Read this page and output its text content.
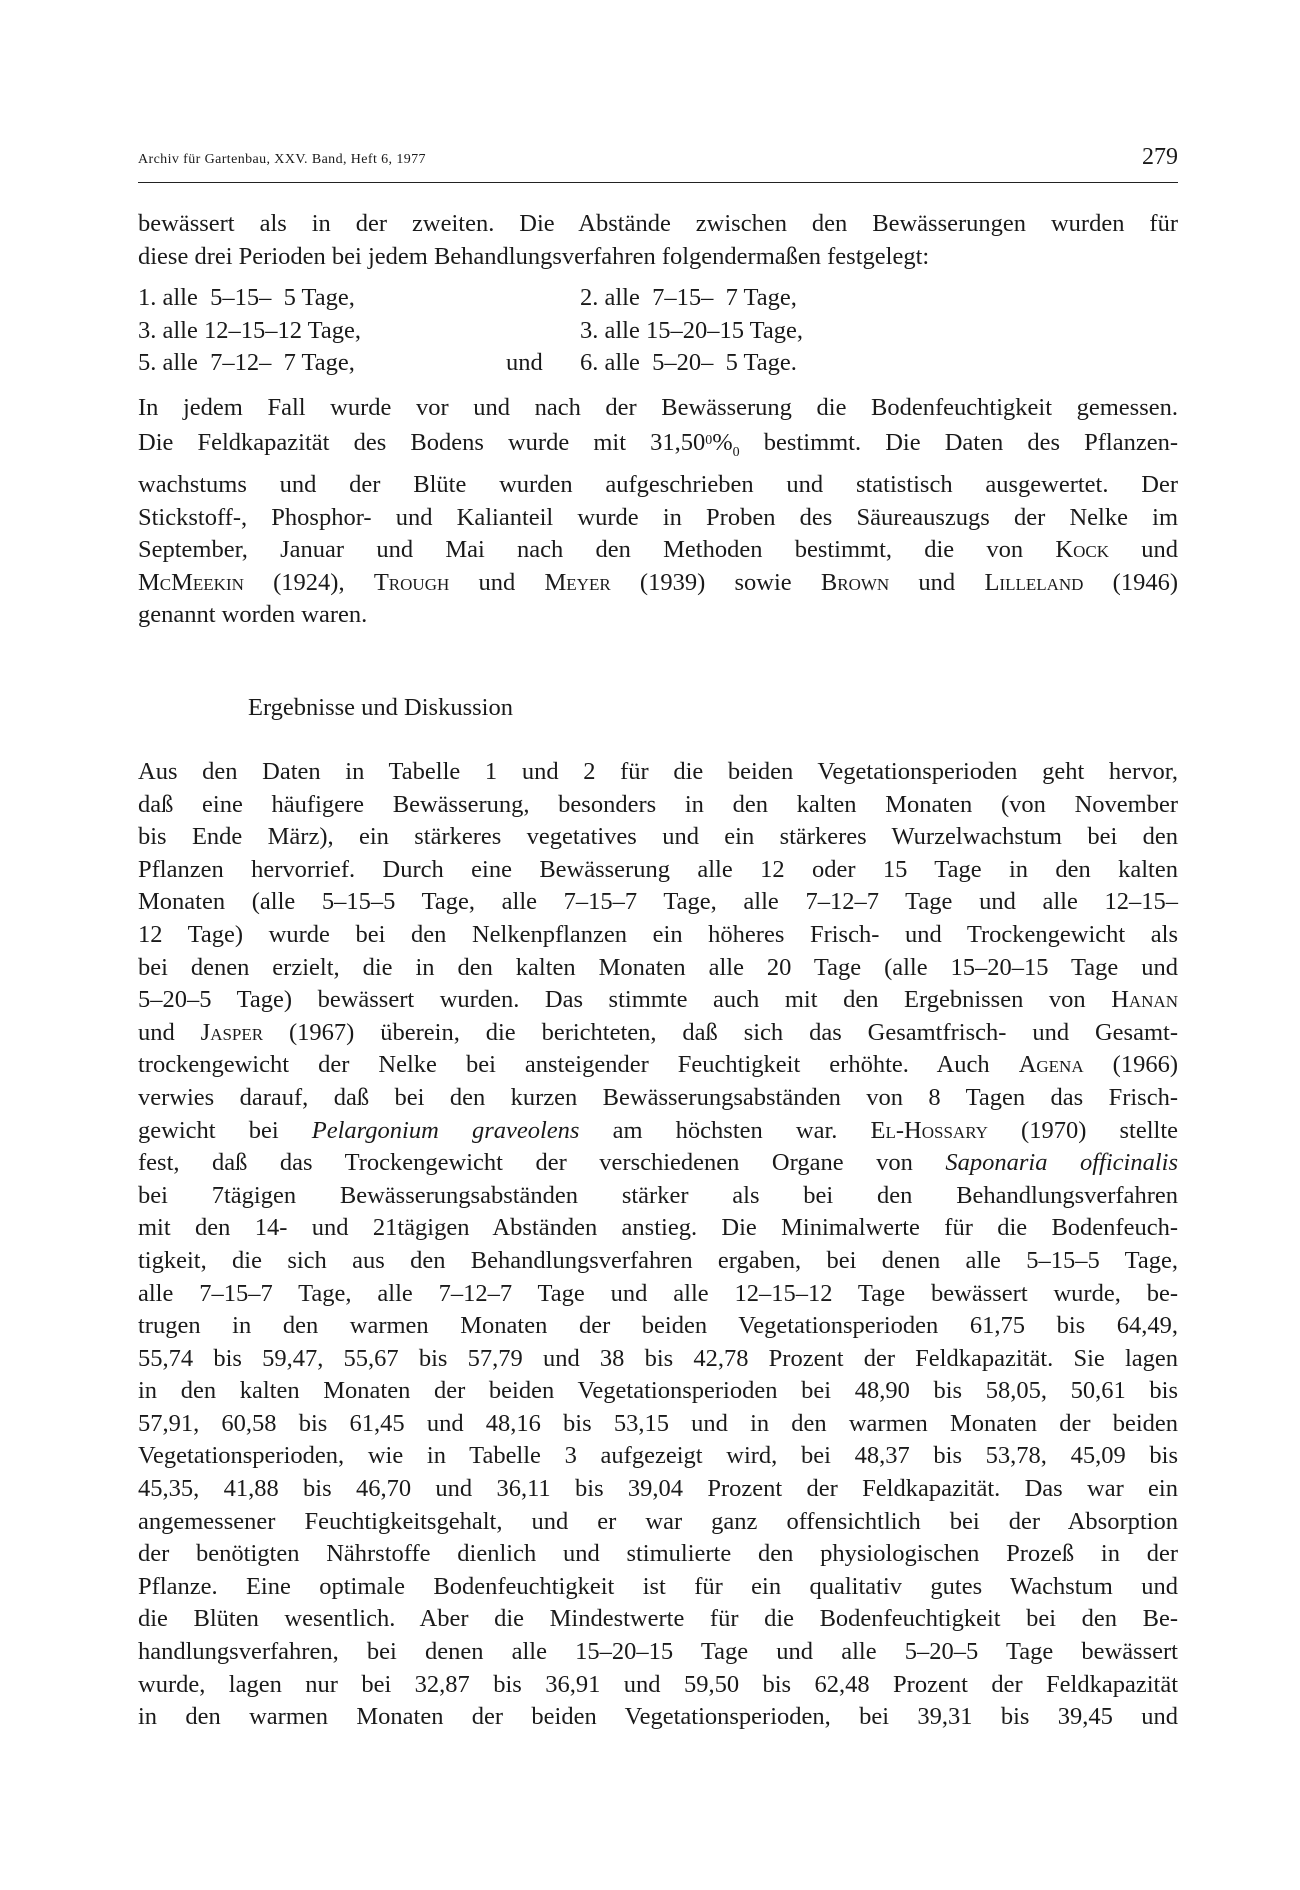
Archiv für Gartenbau, XXV. Band, Heft 6, 1977	279
bewässert als in der zweiten. Die Abstände zwischen den Bewässerungen wurden für
diese drei Perioden bei jedem Behandlungsverfahren folgendermaßen festgelegt:
1. alle  5–15–  5 Tage,	2. alle  7–15–  7 Tage,
3. alle 12–15–12 Tage,	3. alle 15–20–15 Tage,
5. alle  7–12–  7 Tage,	und 6. alle  5–20–  5 Tage.
In jedem Fall wurde vor und nach der Bewässerung die Bodenfeuchtigkeit gemessen.
Die Feldkapazität des Bodens wurde mit $31,50^0\%_0$ bestimmt. Die Daten des Pflanzen-
wachstums und der Blüte wurden aufgeschrieben und statistisch ausgewertet. Der
Stickstoff-, Phosphor- und Kalianteil wurde in Proben des Säureauszugs der Nelke im
September, Januar und Mai nach den Methoden bestimmt, die von Kock und
McMeekin (1924), Trough und Meyer (1939) sowie Brown und Lilleland (1946)
genannt worden waren.
Ergebnisse und Diskussion
Aus den Daten in Tabelle 1 und 2 für die beiden Vegetationsperioden geht hervor,
daß eine häufigere Bewässerung, besonders in den kalten Monaten (von November
bis Ende März), ein stärkeres vegetatives und ein stärkeres Wurzelwachstum bei den
Pflanzen hervorrief. Durch eine Bewässerung alle 12 oder 15 Tage in den kalten
Monaten (alle 5–15–5 Tage, alle 7–15–7 Tage, alle 7–12–7 Tage und alle 12–15–
12 Tage) wurde bei den Nelkenpflanzen ein höheres Frisch- und Trockengewicht als
bei denen erzielt, die in den kalten Monaten alle 20 Tage (alle 15–20–15 Tage und
5–20–5 Tage) bewässert wurden. Das stimmte auch mit den Ergebnissen von Hanan
und Jasper (1967) überein, die berichteten, daß sich das Gesamtfrisch- und Gesamt-
trockengewicht der Nelke bei ansteigender Feuchtigkeit erhöhte. Auch Agena (1966)
verwies darauf, daß bei den kurzen Bewässerungsabständen von 8 Tagen das Frisch-
gewicht bei Pelargonium graveolens am höchsten war. El-Hossary (1970) stellte
fest, daß das Trockengewicht der verschiedenen Organe von Saponaria officinalis
bei 7tägigen Bewässerungsabständen stärker als bei den Behandlungsverfahren
mit den 14- und 21tägigen Abständen anstieg. Die Minimalwerte für die Bodenfeuch-
tigkeit, die sich aus den Behandlungsverfahren ergaben, bei denen alle 5–15–5 Tage,
alle 7–15–7 Tage, alle 7–12–7 Tage und alle 12–15–12 Tage bewässert wurde, be-
trugen in den warmen Monaten der beiden Vegetationsperioden 61,75 bis 64,49,
55,74 bis 59,47, 55,67 bis 57,79 und 38 bis 42,78 Prozent der Feldkapazität. Sie lagen
in den kalten Monaten der beiden Vegetationsperioden bei 48,90 bis 58,05, 50,61 bis
57,91, 60,58 bis 61,45 und 48,16 bis 53,15 und in den warmen Monaten der beiden
Vegetationsperioden, wie in Tabelle 3 aufgezeigt wird, bei 48,37 bis 53,78, 45,09 bis
45,35, 41,88 bis 46,70 und 36,11 bis 39,04 Prozent der Feldkapazität. Das war ein
angemessener Feuchtigkeitsgehalt, und er war ganz offensichtlich bei der Absorption
der benötigten Nährstoffe dienlich und stimulierte den physiologischen Prozeß in der
Pflanze. Eine optimale Bodenfeuchtigkeit ist für ein qualitativ gutes Wachstum und
die Blüten wesentlich. Aber die Mindestwerte für die Bodenfeuchtigkeit bei den Be-
handlungsverfahren, bei denen alle 15–20–15 Tage und alle 5–20–5 Tage bewässert
wurde, lagen nur bei 32,87 bis 36,91 und 59,50 bis 62,48 Prozent der Feldkapazität
in den warmen Monaten der beiden Vegetationsperioden, bei 39,31 bis 39,45 und
